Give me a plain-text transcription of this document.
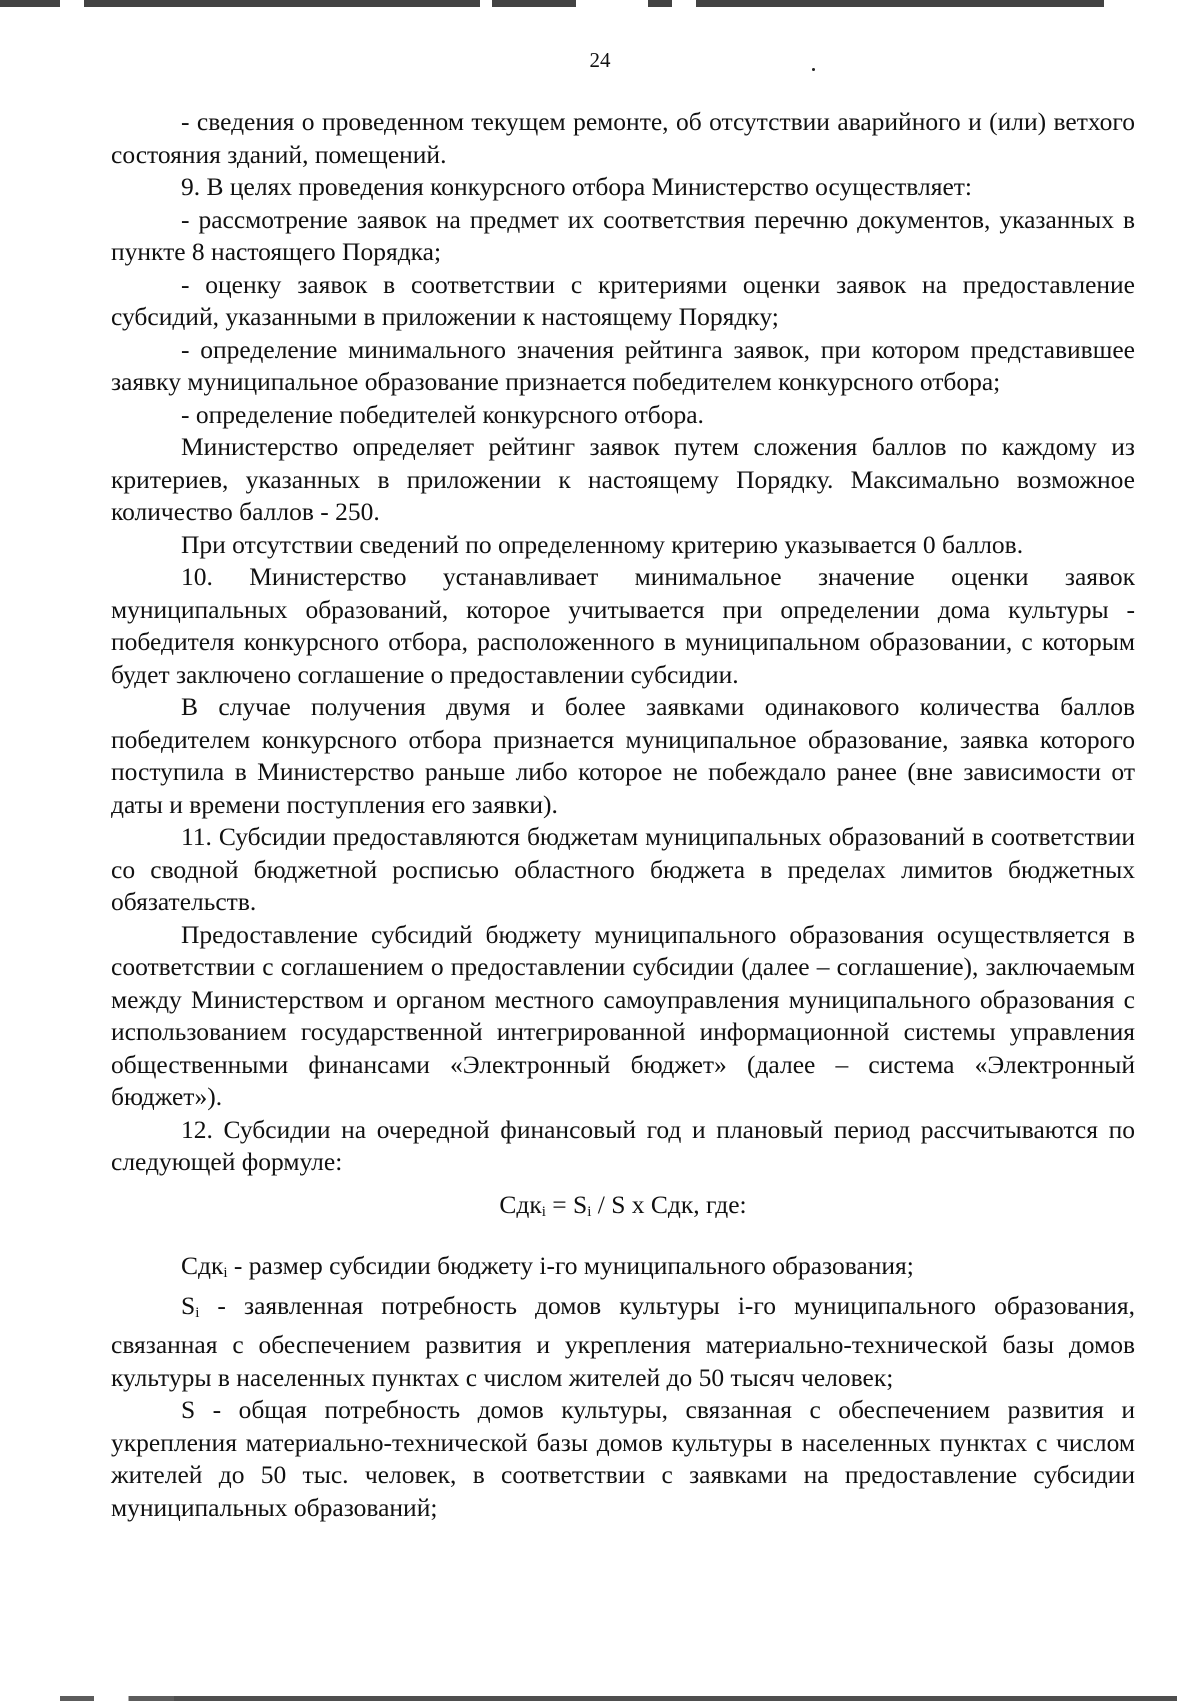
24

- сведения о проведенном текущем ремонте, об отсутствии аварийного и (или) ветхого состояния зданий, помещений.

9. В целях проведения конкурсного отбора Министерство осуществляет:

- рассмотрение заявок на предмет их соответствия перечню документов, указанных в пункте 8 настоящего Порядка;

- оценку заявок в соответствии с критериями оценки заявок на предоставление субсидий, указанными в приложении к настоящему Порядку;

- определение минимального значения рейтинга заявок, при котором представившее заявку муниципальное образование признается победителем конкурсного отбора;

- определение победителей конкурсного отбора.

Министерство определяет рейтинг заявок путем сложения баллов по каждому из критериев, указанных в приложении к настоящему Порядку. Максимально возможное количество баллов - 250.

При отсутствии сведений по определенному критерию указывается 0 баллов.

10. Министерство устанавливает минимальное значение оценки заявок муниципальных образований, которое учитывается при определении дома культуры - победителя конкурсного отбора, расположенного в муниципальном образовании, с которым будет заключено соглашение о предоставлении субсидии.

В случае получения двумя и более заявками одинакового количества баллов победителем конкурсного отбора признается муниципальное образование, заявка которого поступила в Министерство раньше либо которое не побеждало ранее (вне зависимости от даты и времени поступления его заявки).

11. Субсидии предоставляются бюджетам муниципальных образований в соответствии со сводной бюджетной росписью областного бюджета в пределах лимитов бюджетных обязательств.

Предоставление субсидий бюджету муниципального образования осуществляется в соответствии с соглашением о предоставлении субсидии (далее – соглашение), заключаемым между Министерством и органом местного самоуправления муниципального образования с использованием государственной интегрированной информационной системы управления общественными финансами «Электронный бюджет» (далее – система «Электронный бюджет»).

12. Субсидии на очередной финансовый год и плановый период рассчитываются по следующей формуле:

$Сдк_i = S_i / S$ x Сдк, где:

Сдк$_i$ - размер субсидии бюджету i-го муниципального образования;

$S_i$ - заявленная потребность домов культуры i-го муниципального образования, связанная с обеспечением развития и укрепления материально-технической базы домов культуры в населенных пунктах с числом жителей до 50 тысяч человек;

S - общая потребность домов культуры, связанная с обеспечением развития и укрепления материально-технической базы домов культуры в населенных пунктах с числом жителей до 50 тыс. человек, в соответствии с заявками на предоставление субсидии муниципальных образований;
